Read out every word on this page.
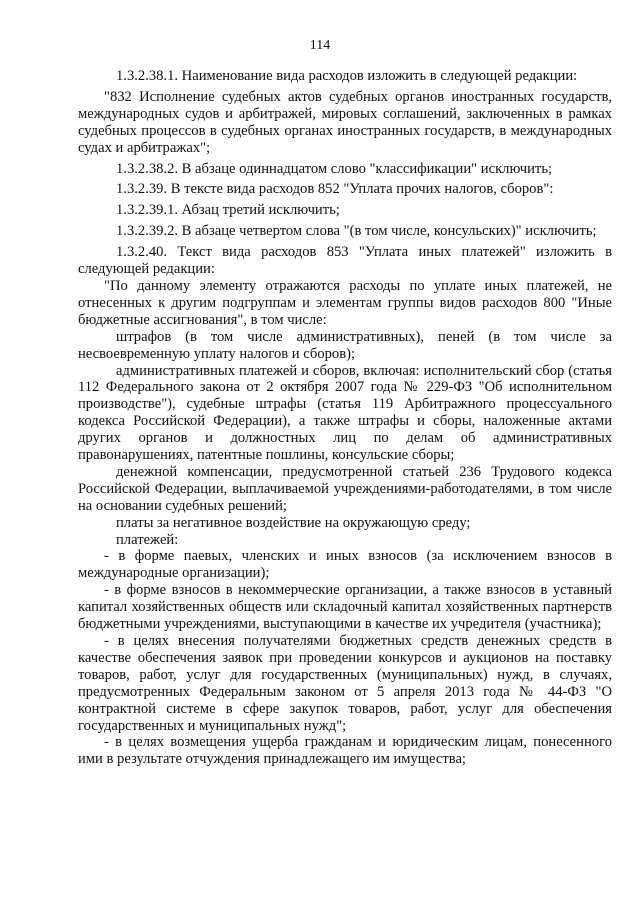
114

1.3.2.38.1. Наименование вида расходов изложить в следующей редакции:

"832 Исполнение судебных актов судебных органов иностранных государств, международных судов и арбитражей, мировых соглашений, заключенных в рамках судебных процессов в судебных органах иностранных государств, в международных судах и арбитражах";

1.3.2.38.2. В абзаце одиннадцатом слово "классификации" исключить;

1.3.2.39. В тексте вида расходов 852 "Уплата прочих налогов, сборов":

1.3.2.39.1. Абзац третий исключить;

1.3.2.39.2. В абзаце четвертом слова "(в том числе, консульских)" исключить;

1.3.2.40. Текст вида расходов 853 "Уплата иных платежей" изложить в следующей редакции:

"По данному элементу отражаются расходы по уплате иных платежей, не отнесенных к другим подгруппам и элементам группы видов расходов 800 "Иные бюджетные ассигнования", в том числе:

штрафов (в том числе административных), пеней (в том числе за несвоевременную уплату налогов и сборов);

административных платежей и сборов, включая: исполнительский сбор (статья 112 Федерального закона от 2 октября 2007 года № 229-ФЗ "Об исполнительном производстве"), судебные штрафы (статья 119 Арбитражного процессуального кодекса Российской Федерации), а также штрафы и сборы, наложенные актами других органов и должностных лиц по делам об административных правонарушениях, патентные пошлины, консульские сборы;

денежной компенсации, предусмотренной статьей 236 Трудового кодекса Российской Федерации, выплачиваемой учреждениями-работодателями, в том числе на основании судебных решений;

платы за негативное воздействие на окружающую среду;

платежей:

- в форме паевых, членских и иных взносов (за исключением взносов в международные организации);

- в форме взносов в некоммерческие организации, а также взносов в уставный капитал хозяйственных обществ или складочный капитал хозяйственных партнерств бюджетными учреждениями, выступающими в качестве их учредителя (участника);

- в целях внесения получателями бюджетных средств денежных средств в качестве обеспечения заявок при проведении конкурсов и аукционов на поставку товаров, работ, услуг для государственных (муниципальных) нужд, в случаях, предусмотренных Федеральным законом от 5 апреля 2013 года № 44-ФЗ "О контрактной системе в сфере закупок товаров, работ, услуг для обеспечения государственных и муниципальных нужд";

- в целях возмещения ущерба гражданам и юридическим лицам, понесенного ими в результате отчуждения принадлежащего им имущества;
